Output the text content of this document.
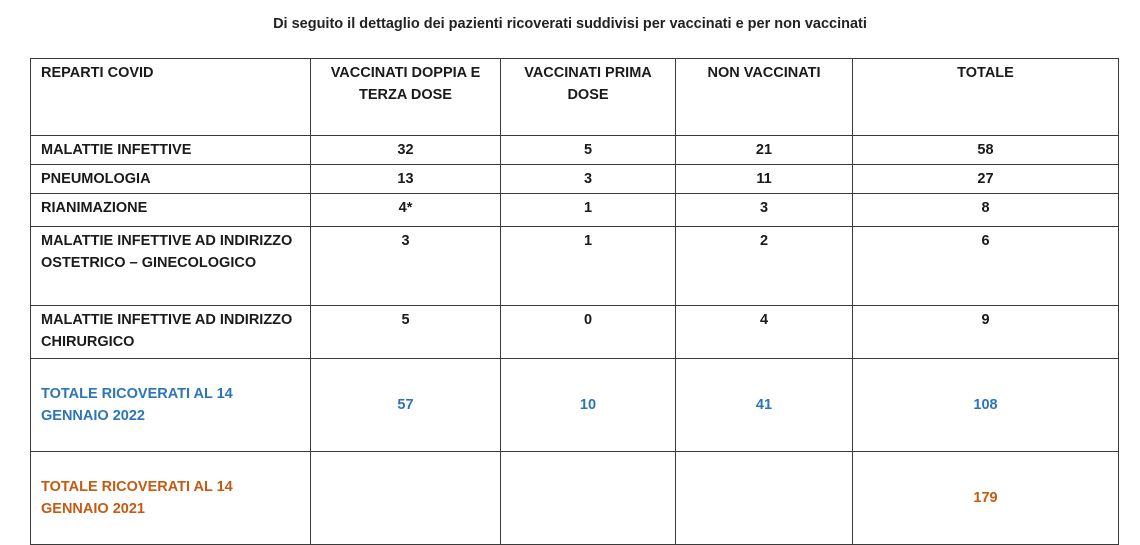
Di seguito il dettaglio dei pazienti ricoverati suddivisi per vaccinati e per non vaccinati
REPARTI COVID	VACCINATI DOPPIA E TERZA DOSE	VACCINATI PRIMA DOSE	NON VACCINATI	TOTALE
MALATTIE INFETTIVE	32	5	21	58
PNEUMOLOGIA	13	3	11	27
RIANIMAZIONE	4*	1	3	8
MALATTIE INFETTIVE AD INDIRIZZO OSTETRICO – GINECOLOGICO	3	1	2	6
MALATTIE INFETTIVE AD INDIRIZZO CHIRURGICO	5	0	4	9
TOTALE RICOVERATI AL 14 GENNAIO 2022	57	10	41	108
TOTALE RICOVERATI AL 14 GENNAIO 2021				179
